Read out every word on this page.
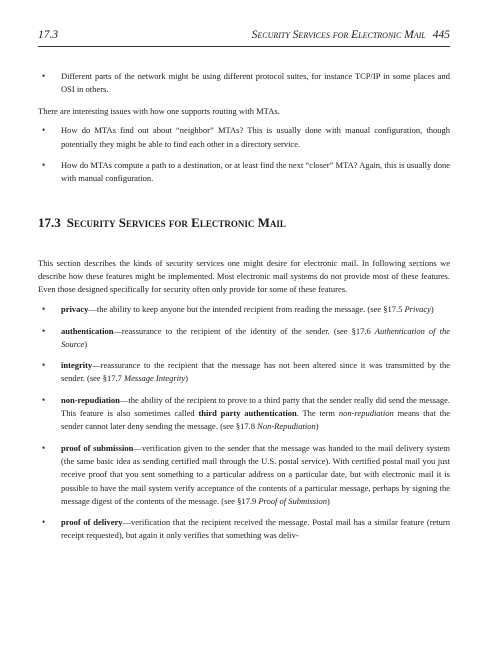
17.3	Security Services for Electronic Mail 445
• Different parts of the network might be using different protocol suites, for instance TCP/IP in some places and OSI in others.

There are interesting issues with how one supports routing with MTAs.

• How do MTAs find out about “neighbor” MTAs? This is usually done with manual configuration, though potentially they might be able to find each other in a directory service.
• How do MTAs compute a path to a destination, or at least find the next “closer” MTA? Again, this is usually done with manual configuration.
17.3 Security Services for Electronic Mail

This section describes the kinds of security services one might desire for electronic mail. In following sections we describe how these features might be implemented. Most electronic mail systems do not provide most of these features. Even those designed specifically for security often only provide for some of these features.

• privacy—the ability to keep anyone but the intended recipient from reading the message. (see §17.5 Privacy)
• authentication—reassurance to the recipient of the identity of the sender. (see §17.6 Authentication of the Source)
• integrity—reassurance to the recipient that the message has not been altered since it was transmitted by the sender. (see §17.7 Message Integrity)
• non-repudiation—the ability of the recipient to prove to a third party that the sender really did send the message. This feature is also sometimes called third party authentication. The term non-repudiation means that the sender cannot later deny sending the message. (see §17.8 Non-Repudiation)
• proof of submission—verification given to the sender that the message was handed to the mail delivery system (the same basic idea as sending certified mail through the U.S. postal service). With certified postal mail you just receive proof that you sent something to a particular address on a particular date, but with electronic mail it is possible to have the mail system verify acceptance of the contents of a particular message, perhaps by signing the message digest of the contents of the message. (see §17.9 Proof of Submission)
• proof of delivery—verification that the recipient received the message. Postal mail has a similar feature (return receipt requested), but again it only verifies that something was deliv-
